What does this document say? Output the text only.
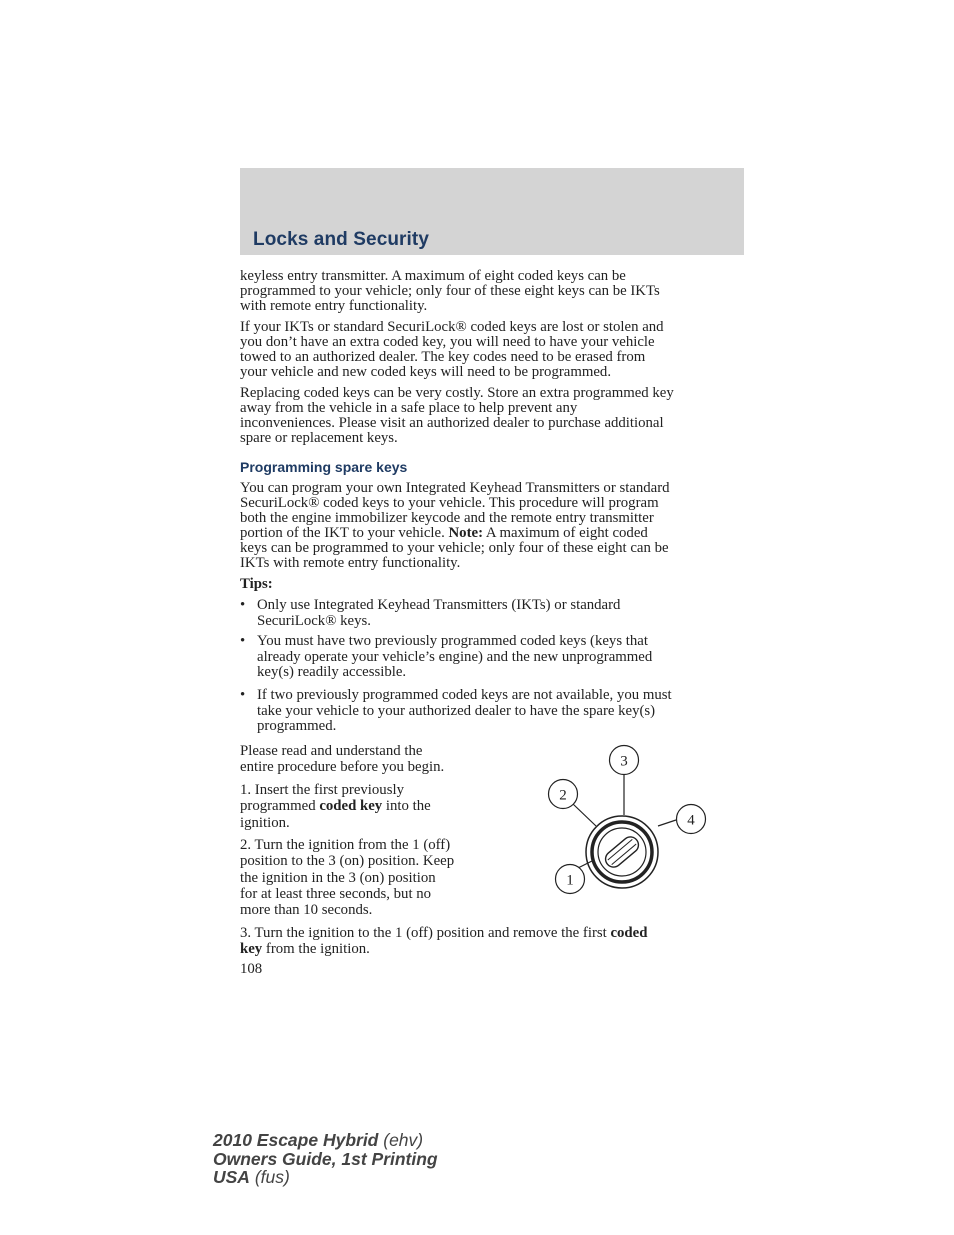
Locks and Security
keyless entry transmitter. A maximum of eight coded keys can be
programmed to your vehicle; only four of these eight keys can be IKTs
with remote entry functionality.
If your IKTs or standard SecuriLock® coded keys are lost or stolen and
you don’t have an extra coded key, you will need to have your vehicle
towed to an authorized dealer. The key codes need to be erased from
your vehicle and new coded keys will need to be programmed.
Replacing coded keys can be very costly. Store an extra programmed key
away from the vehicle in a safe place to help prevent any
inconveniences. Please visit an authorized dealer to purchase additional
spare or replacement keys.
Programming spare keys
You can program your own Integrated Keyhead Transmitters or standard
SecuriLock® coded keys to your vehicle. This procedure will program
both the engine immobilizer keycode and the remote entry transmitter
portion of the IKT to your vehicle. Note: A maximum of eight coded
keys can be programmed to your vehicle; only four of these eight can be
IKTs with remote entry functionality.
Tips:
• Only use Integrated Keyhead Transmitters (IKTs) or standard
SecuriLock® keys.
• You must have two previously programmed coded keys (keys that
already operate your vehicle’s engine) and the new unprogrammed
key(s) readily accessible.
• If two previously programmed coded keys are not available, you must
take your vehicle to your authorized dealer to have the spare key(s)
programmed.
Please read and understand the
entire procedure before you begin.
1. Insert the first previously
programmed coded key into the
ignition.
2. Turn the ignition from the 1 (off)
position to the 3 (on) position. Keep
the ignition in the 3 (on) position
for at least three seconds, but no
more than 10 seconds.
3
2
4
1
3. Turn the ignition to the 1 (off) position and remove the first coded
key from the ignition.
108
2010 Escape Hybrid (ehv)
Owners Guide, 1st Printing
USA (fus)
